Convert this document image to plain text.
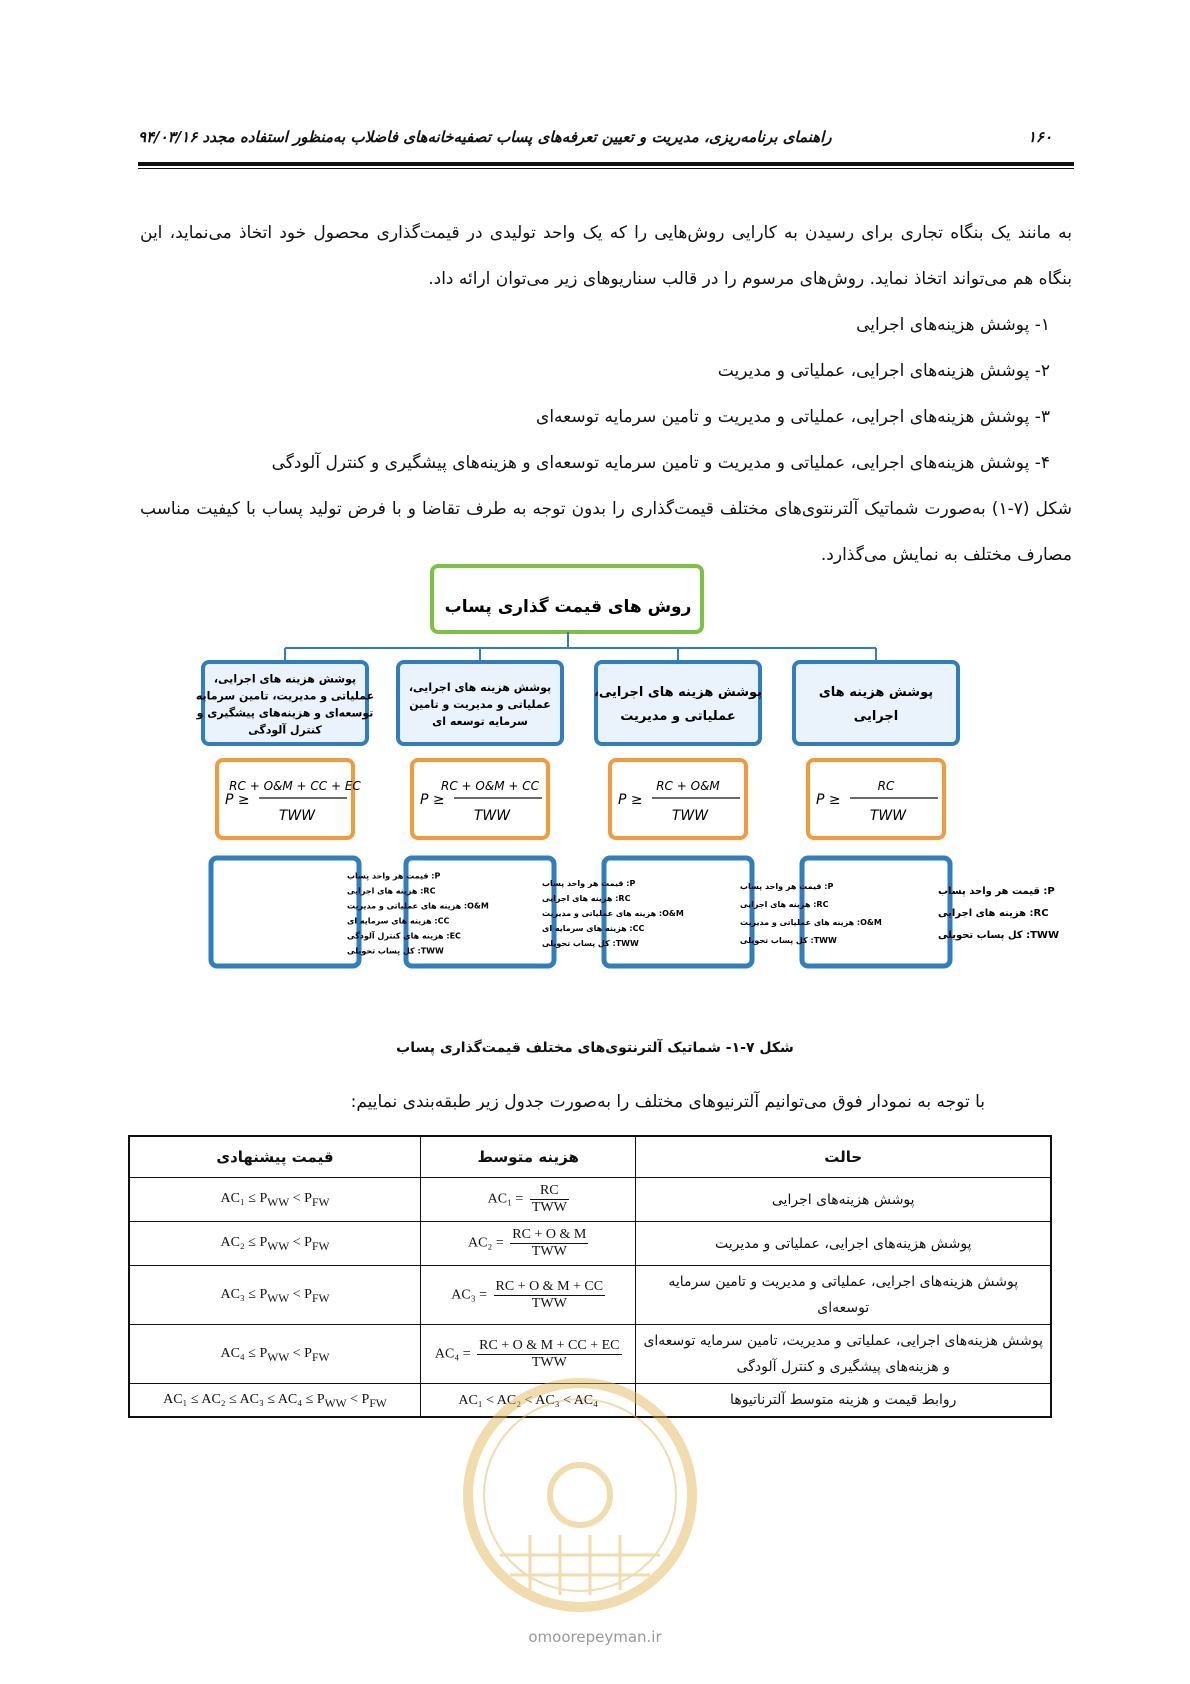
۱۶۰
راهنمای برنامه‌ریزی، مدیریت و تعیین تعرفه‌های پساب تصفیه‌خانه‌های فاضلاب به‌منظور استفاده مجدد ۹۴/۰۳/۱۶
به مانند یک بنگاه تجاری برای رسیدن به کارایی روش‌هایی را که یک واحد تولیدی در قیمت‌گذاری محصول خود اتخاذ می‌نماید، این بنگاه هم می‌تواند اتخاذ نماید. روش‌های مرسوم را در قالب سناریوهای زیر می‌توان ارائه داد.
۱- پوشش هزینه‌های اجرایی
۲- پوشش هزینه‌های اجرایی، عملیاتی و مدیریت
۳- پوشش هزینه‌های اجرایی، عملیاتی و مدیریت و تامین سرمایه توسعه‌ای
۴- پوشش هزینه‌های اجرایی، عملیاتی و مدیریت و تامین سرمایه توسعه‌ای و هزینه‌های پیشگیری و کنترل آلودگی
شکل (۷-۱) به‌صورت شماتیک آلترنتوی‌های مختلف قیمت‌گذاری را بدون توجه به طرف تقاضا و با فرض تولید پساب با کیفیت مناسب مصارف مختلف به نمایش می‌گذارد.
روش های قیمت گذاری پساب
پوشش هزینه های
اجرایی
P ≥
RC
TWW
P: قیمت هر واحد پساب
RC: هزینه های اجرایی
TWW: کل پساب تحویلی
پوشش هزینه های اجرایی،
عملیاتی و مدیریت
P ≥
RC + O&M
TWW
P: قیمت هر واحد پساب
RC: هزینه های اجرایی
O&M: هزینه های عملیاتی و مدیریت
TWW: کل پساب تحویلی
پوشش هزینه های اجرایی،
عملیاتی و مدیریت و تامین
سرمایه توسعه ای
P ≥
RC + O&M + CC
TWW
P: قیمت هر واحد پساب
RC: هزینه های اجرایی
O&M: هزینه های عملیاتی و مدیریت
CC: هزینه های سرمایه ای
TWW: کل پساب تحویلی
پوشش هزینه های اجرایی،
عملیاتی و مدیریت، تامین سرمایه
توسعه‌ای و هزینه‌های پیشگیری و
کنترل آلودگی
P ≥
RC + O&M + CC + EC
TWW
P: قیمت هر واحد پساب
RC: هزینه های اجرایی
O&M: هزینه های عملیاتی و مدیریت
CC: هزینه های سرمایه ای
EC: هزینه های کنترل آلودگی
TWW: کل پساب تحویلی
شکل ۷-۱- شماتیک آلترنتوی‌های مختلف قیمت‌گذاری پساب
با توجه به نمودار فوق می‌توانیم آلترنیوهای مختلف را به‌صورت جدول زیر طبقه‌بندی نماییم:
حالت	هزینه متوسط	قیمت پیشنهادی
پوشش هزینه‌های اجرایی	$AC_1 = \frac{RC}{\text{TWW}}$	$AC_1 \le P_{WW} < P_{FW}$
پوشش هزینه‌های اجرایی، عملیاتی و مدیریت	$AC_2 = \frac{RC + O \& M}{\text{TWW}}$	$AC_2 \le P_{WW} < P_{FW}$
پوشش هزینه‌های اجرایی، عملیاتی و مدیریت و تامین سرمایه توسعه‌ای	$AC_3 = \frac{RC + O \& M + CC}{\text{TWW}}$	$AC_3 \le P_{WW} < P_{FW}$
پوشش هزینه‌های اجرایی، عملیاتی و مدیریت، تامین سرمایه توسعه‌ای و هزینه‌های پیشگیری و کنترل آلودگی	$AC_4 = \frac{RC + O \& M + CC + EC}{\text{TWW}}$	$AC_4 \le P_{WW} < P_{FW}$
روابط قیمت و هزینه متوسط آلترناتیوها	AC₁ < AC₂ < AC₃ < AC₄	$AC_1 \le AC_2 \le AC_3 \le AC_4 \le P_{WW} < P_{FW}$
omoorepeyman.ir
